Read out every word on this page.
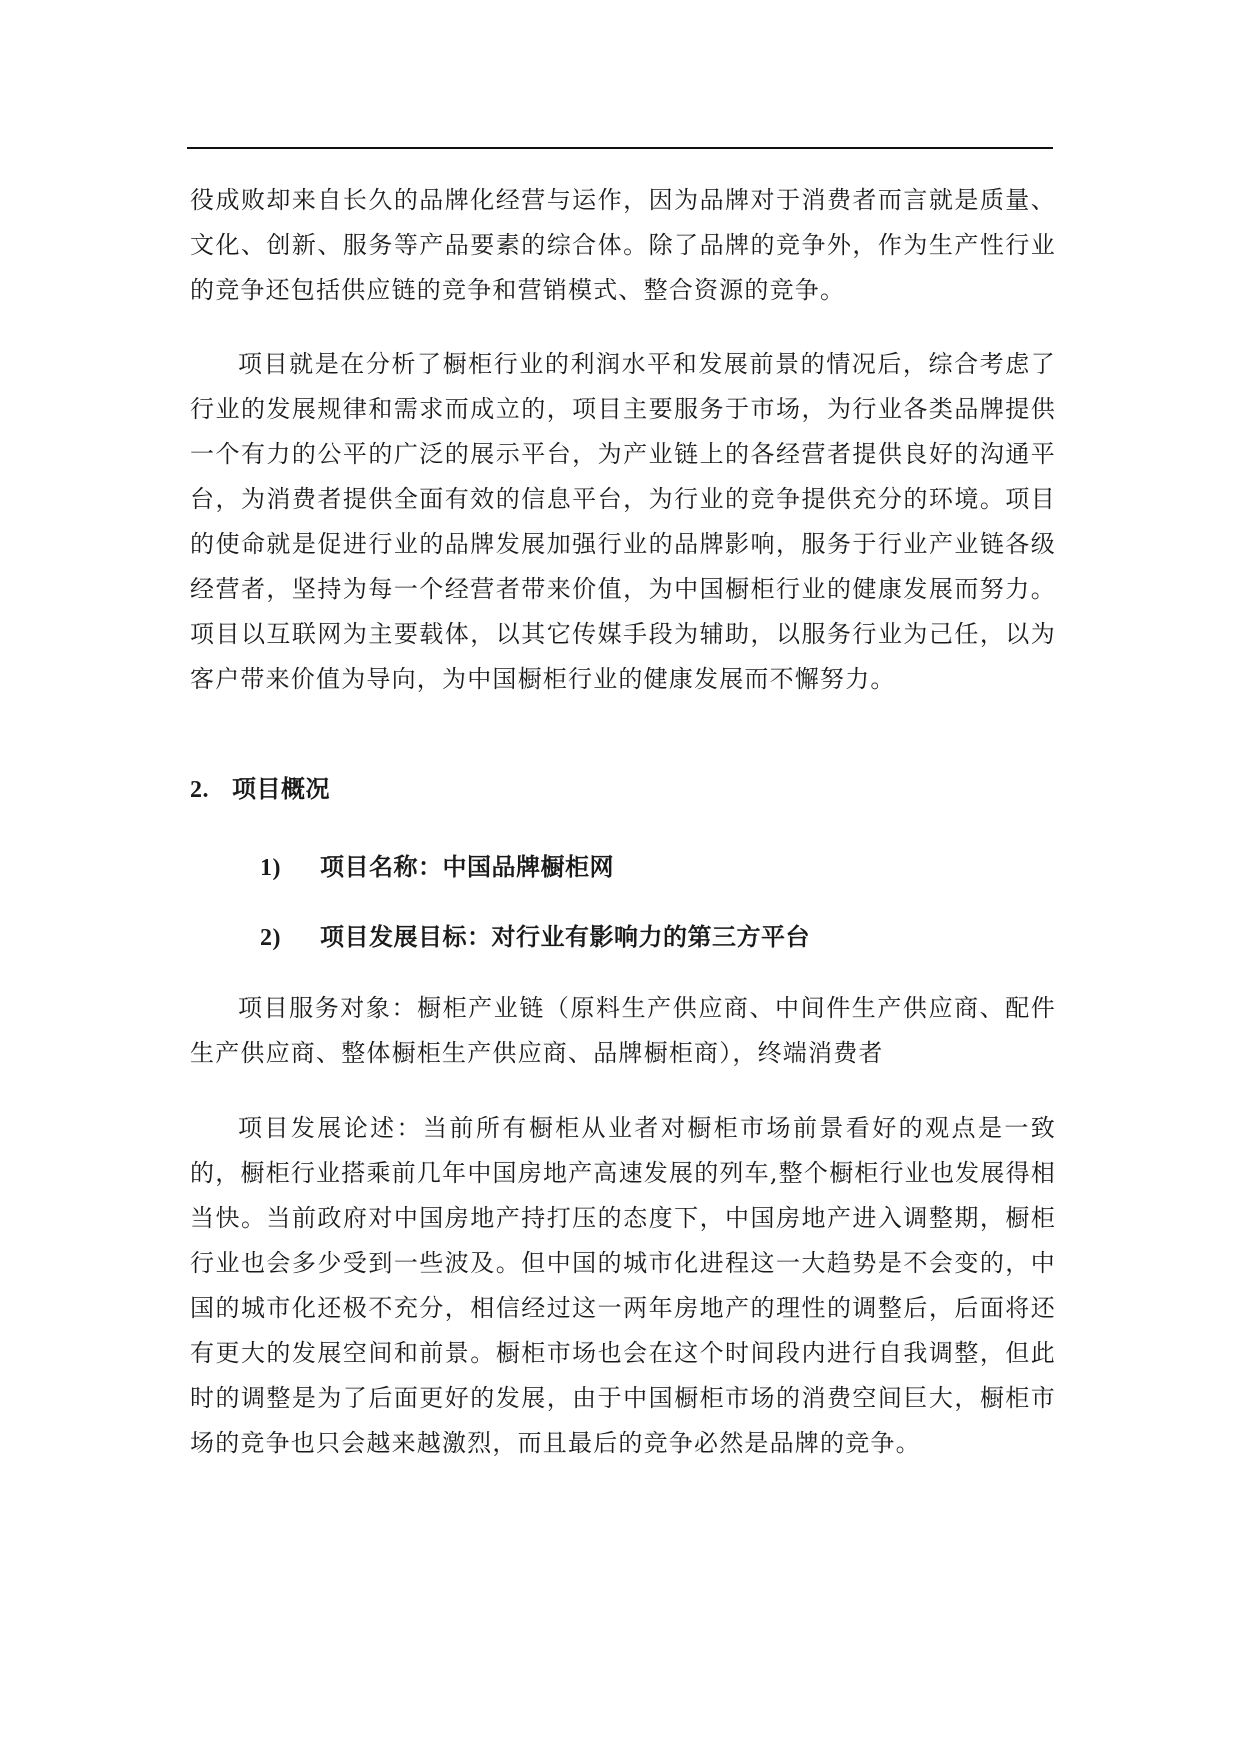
役成败却来自长久的品牌化经营与运作，因为品牌对于消费者而言就是质量、文化、创新、服务等产品要素的综合体。除了品牌的竞争外，作为生产性行业的竞争还包括供应链的竞争和营销模式、整合资源的竞争。

项目就是在分析了橱柜行业的利润水平和发展前景的情况后，综合考虑了行业的发展规律和需求而成立的，项目主要服务于市场，为行业各类品牌提供一个有力的公平的广泛的展示平台，为产业链上的各经营者提供良好的沟通平台，为消费者提供全面有效的信息平台，为行业的竞争提供充分的环境。项目的使命就是促进行业的品牌发展加强行业的品牌影响，服务于行业产业链各级经营者，坚持为每一个经营者带来价值，为中国橱柜行业的健康发展而努力。项目以互联网为主要载体，以其它传媒手段为辅助，以服务行业为己任，以为客户带来价值为导向，为中国橱柜行业的健康发展而不懈努力。

2. 项目概况

1) 项目名称：中国品牌橱柜网

2) 项目发展目标：对行业有影响力的第三方平台

项目服务对象：橱柜产业链（原料生产供应商、中间件生产供应商、配件生产供应商、整体橱柜生产供应商、品牌橱柜商），终端消费者

项目发展论述：当前所有橱柜从业者对橱柜市场前景看好的观点是一致的，橱柜行业搭乘前几年中国房地产高速发展的列车,整个橱柜行业也发展得相当快。当前政府对中国房地产持打压的态度下，中国房地产进入调整期，橱柜行业也会多少受到一些波及。但中国的城市化进程这一大趋势是不会变的，中国的城市化还极不充分，相信经过这一两年房地产的理性的调整后，后面将还有更大的发展空间和前景。橱柜市场也会在这个时间段内进行自我调整，但此时的调整是为了后面更好的发展，由于中国橱柜市场的消费空间巨大，橱柜市场的竞争也只会越来越激烈，而且最后的竞争必然是品牌的竞争。
